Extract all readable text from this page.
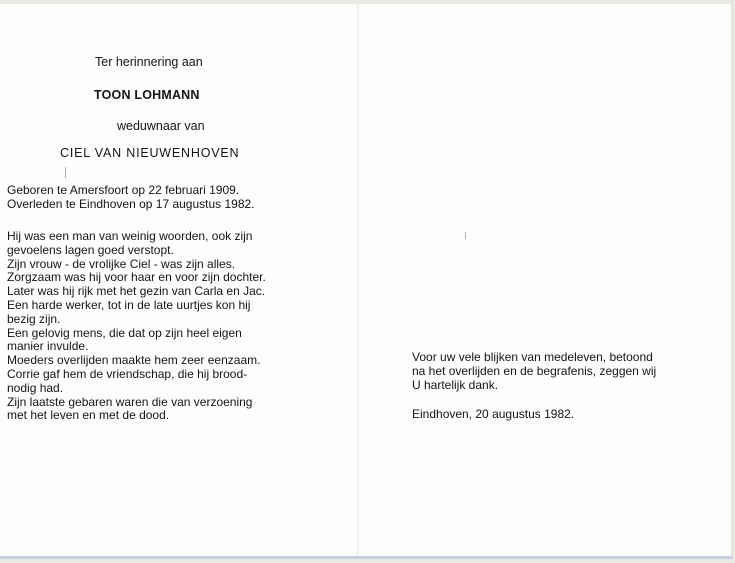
Ter herinnering aan
TOON LOHMANN
weduwnaar van
CIEL VAN NIEUWENHOVEN
Geboren te Amersfoort op 22 februari 1909.
Overleden te Eindhoven op 17 augustus 1982.
Hij was een man van weinig woorden, ook zijn
gevoelens lagen goed verstopt.
Zijn vrouw - de vrolijke Ciel - was zijn alles.
Zorgzaam was hij voor haar en voor zijn dochter.
Later was hij rijk met het gezin van Carla en Jac.
Een harde werker, tot in de late uurtjes kon hij
bezig zijn.
Een gelovig mens, die dat op zijn heel eigen
manier invulde.
Moeders overlijden maakte hem zeer eenzaam.
Corrie gaf hem de vriendschap, die hij brood-
nodig had.
Zijn laatste gebaren waren die van verzoening
met het leven en met de dood.
Voor uw vele blijken van medeleven, betoond
na het overlijden en de begrafenis, zeggen wij
U hartelijk dank.
Eindhoven, 20 augustus 1982.
